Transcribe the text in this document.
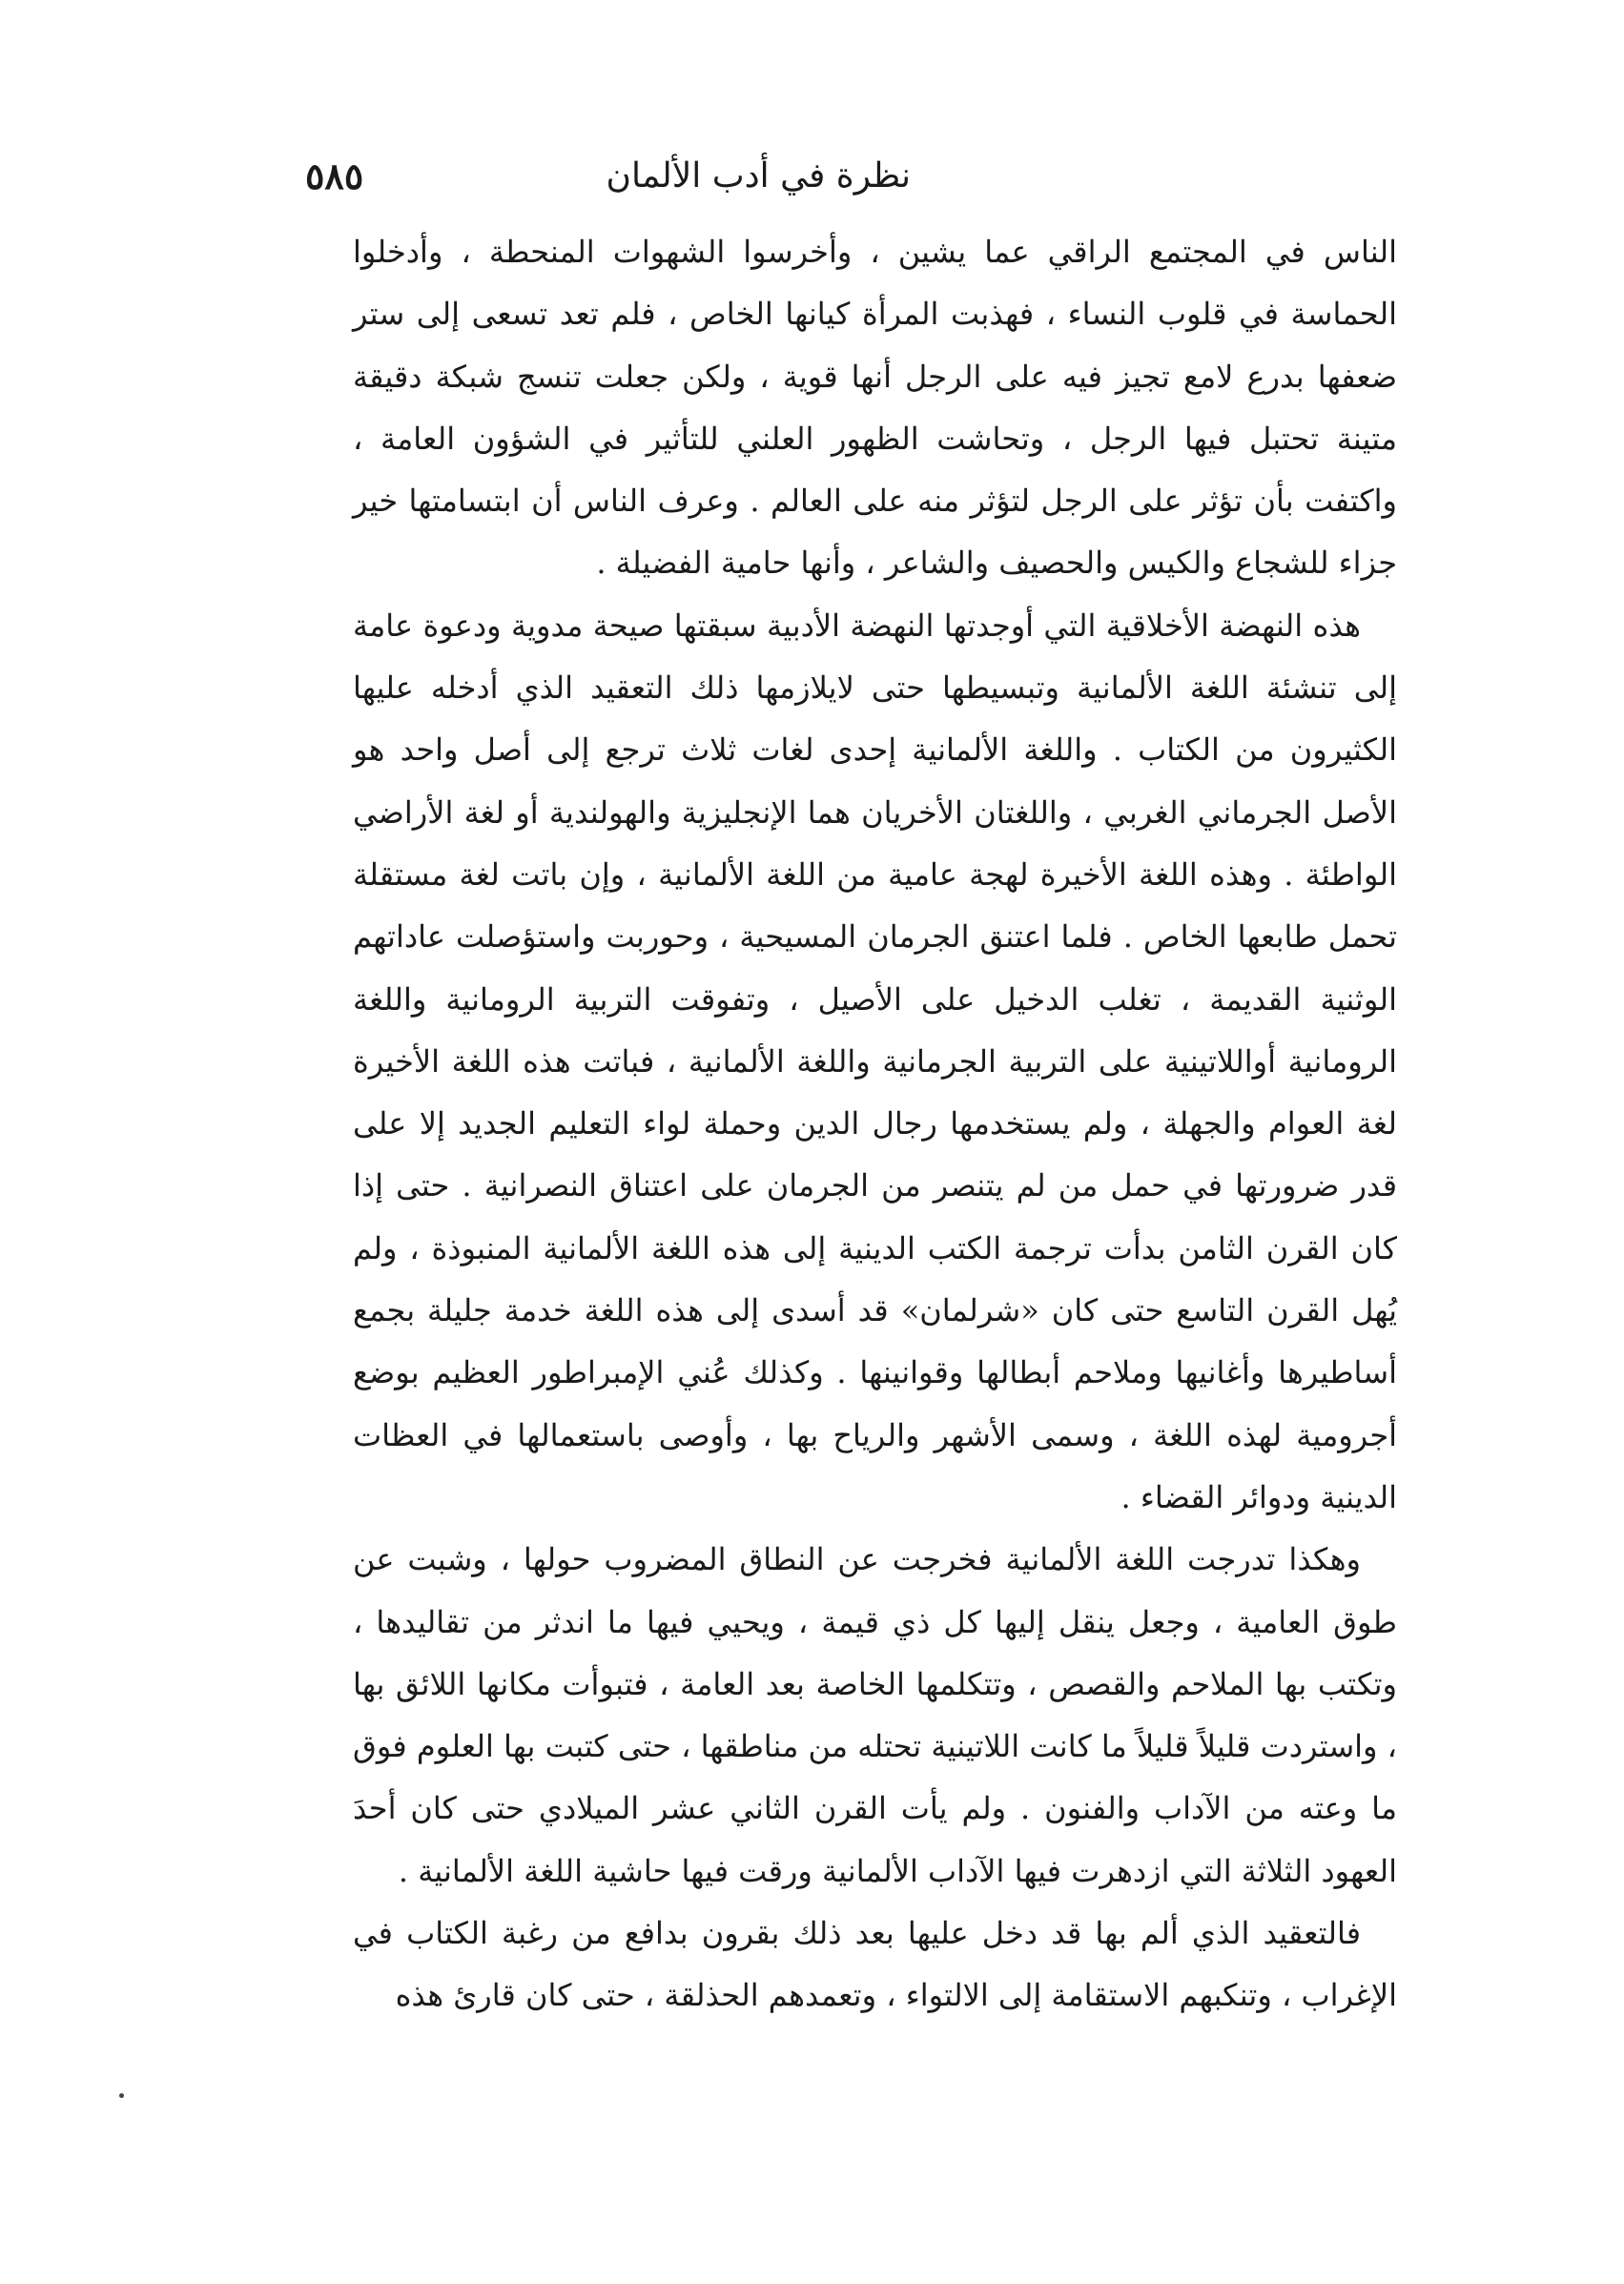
نظرة في أدب الألمان
٥٨٥

الناس في المجتمع الراقي عما يشين ، وأخرسوا الشهوات المنحطة ، وأدخلوا الحماسة في قلوب النساء ، فهذبت المرأة كيانها الخاص ، فلم تعد تسعى إلى ستر ضعفها بدرع لامع تجيز فيه على الرجل أنها قوية ، ولكن جعلت تنسج شبكة دقيقة متينة تحتبل فيها الرجل ، وتحاشت الظهور العلني للتأثير في الشؤون العامة ، واكتفت بأن تؤثر على الرجل لتؤثر منه على العالم . وعرف الناس أن ابتسامتها خير جزاء للشجاع والكيس والحصيف والشاعر ، وأنها حامية الفضيلة .

هذه النهضة الأخلاقية التي أوجدتها النهضة الأدبية سبقتها صيحة مدوية ودعوة عامة إلى تنشئة اللغة الألمانية وتبسيطها حتى لايلازمها ذلك التعقيد الذي أدخله عليها الكثيرون من الكتاب . واللغة الألمانية إحدى لغات ثلاث ترجع إلى أصل واحد هو الأصل الجرماني الغربي ، واللغتان الأخريان هما الإنجليزية والهولندية أو لغة الأراضي الواطئة . وهذه اللغة الأخيرة لهجة عامية من اللغة الألمانية ، وإن باتت لغة مستقلة تحمل طابعها الخاص . فلما اعتنق الجرمان المسيحية ، وحوربت واستؤصلت عاداتهم الوثنية القديمة ، تغلب الدخيل على الأصيل ، وتفوقت التربية الرومانية واللغة الرومانية أواللاتينية على التربية الجرمانية واللغة الألمانية ، فباتت هذه اللغة الأخيرة لغة العوام والجهلة ، ولم يستخدمها رجال الدين وحملة لواء التعليم الجديد إلا على قدر ضرورتها في حمل من لم يتنصر من الجرمان على اعتناق النصرانية . حتى إذا كان القرن الثامن بدأت ترجمة الكتب الدينية إلى هذه اللغة الألمانية المنبوذة ، ولم يُهل القرن التاسع حتى كان «شرلمان» قد أسدى إلى هذه اللغة خدمة جليلة بجمع أساطيرها وأغانيها وملاحم أبطالها وقوانينها . وكذلك عُني الإمبراطور العظيم بوضع أجرومية لهذه اللغة ، وسمى الأشهر والرياح بها ، وأوصى باستعمالها في العظات الدينية ودوائر القضاء .

وهكذا تدرجت اللغة الألمانية فخرجت عن النطاق المضروب حولها ، وشبت عن طوق العامية ، وجعل ينقل إليها كل ذي قيمة ، ويحيي فيها ما اندثر من تقاليدها ، وتكتب بها الملاحم والقصص ، وتتكلمها الخاصة بعد العامة ، فتبوأت مكانها اللائق بها ، واستردت قليلاً قليلاً ما كانت اللاتينية تحتله من مناطقها ، حتى كتبت بها العلوم فوق ما وعته من الآداب والفنون . ولم يأت القرن الثاني عشر الميلادي حتى كان أحدَ العهود الثلاثة التي ازدهرت فيها الآداب الألمانية ورقت فيها حاشية اللغة الألمانية .

فالتعقيد الذي ألم بها قد دخل عليها بعد ذلك بقرون بدافع من رغبة الكتاب في الإغراب ، وتنكبهم الاستقامة إلى الالتواء ، وتعمدهم الحذلقة ، حتى كان قارئ هذه
